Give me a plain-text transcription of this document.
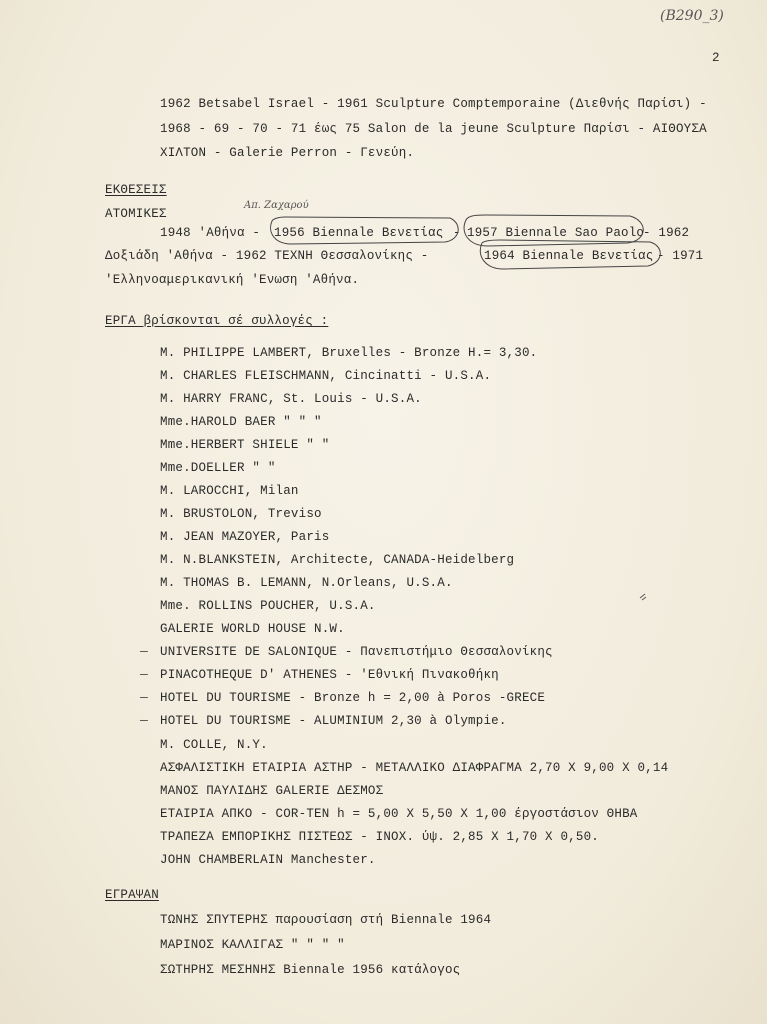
(B290_3)
2
1962 Betsabel Israel - 1961 Sculpture Comptemporaine (Διεθνής Παρίσι) -
1968 - 69 - 70 - 71 έως 75 Salon de la jeune Sculpture Παρίσι - ΑΙΘΟΥΣΑ
ΧΙΛΤΟΝ - Galerie Perron - Γενεύη.
ΕΚΘΕΣΕΙΣ
ΑΤΟΜΙΚΕΣ
Απ. Ζαχαρού
1948 'Αθήνα - 1956 Biennale Βενετίας - 1957 Biennale Sao Paolo
- 1962
Δοξιάδη 'Αθήνα - 1962 ΤΕΧΝΗ Θεσσαλονίκης -	1964 Biennale Βενετίας - 1971
'Ελληνοαμερικανική 'Ενωση 'Αθήνα.
ΕΡΓΑ βρίσκονται σέ συλλογές :
M. PHILIPPE LAMBERT, Bruxelles - Bronze H.= 3,30.
M. CHARLES FLEISCHMANN, Cincinatti - U.S.A.
M. HARRY FRANC, St. Louis - U.S.A.
Mme.HAROLD BAER " " "
Mme.HERBERT SHIELE " "
Mme.DOELLER " "
M. LAROCCHI, Milan
M. BRUSTOLON, Treviso
M. JEAN MAZOYER, Paris
M. N.BLANKSTEIN, Architecte, CANADA-Heidelberg
M. THOMAS B. LEMANN, N.Orleans, U.S.A.
Mme. ROLLINS POUCHER, U.S.A.
GALERIE WORLD HOUSE N.W.
— UNIVERSITE DE SALONIQUE - Πανεπιστήμιο Θεσσαλονίκης
— PINACOTHEQUE D' ATHENES - 'Εθνική Πινακοθήκη
— HOTEL DU TOURISME - Bronze h = 2,00 à Poros -GRECE
— HOTEL DU TOURISME - ALUMINIUM 2,30 à Olympie.
M. COLLE, N.Y.
ΑΣΦΑΛΙΣΤΙΚΗ ΕΤΑΙΡΙΑ ΑΣΤΗΡ - ΜΕΤΑΛΛΙΚΟ ΔΙΑΦΡΑΓΜΑ 2,70 Χ 9,00 Χ 0,14
ΜΑΝΟΣ ΠΑΥΛΙΔΗΣ GALERIE ΔΕΣΜΟΣ
ΕΤΑΙΡΙΑ ΑΠΚΟ - COR-TEN h = 5,00 Χ 5,50 Χ 1,00 έργοστάσιον ΘΗΒΑ
ΤΡΑΠΕΖΑ ΕΜΠΟΡΙΚΗΣ ΠΙΣΤΕΩΣ - ΙΝΟΧ. ύψ. 2,85 Χ 1,70 Χ 0,50.
JOHN CHAMBERLAIN Manchester.
ΕΓΡΑΨΑΝ
ΤΩΝΗΣ ΣΠΥΤΕΡΗΣ παρουσίαση στή Biennale 1964
ΜΑΡΙΝΟΣ ΚΑΛΛΙΓΑΣ " " " "
ΣΩΤΗΡΗΣ ΜΕΣΗΝΗΣ Biennale 1956 κατάλογος
